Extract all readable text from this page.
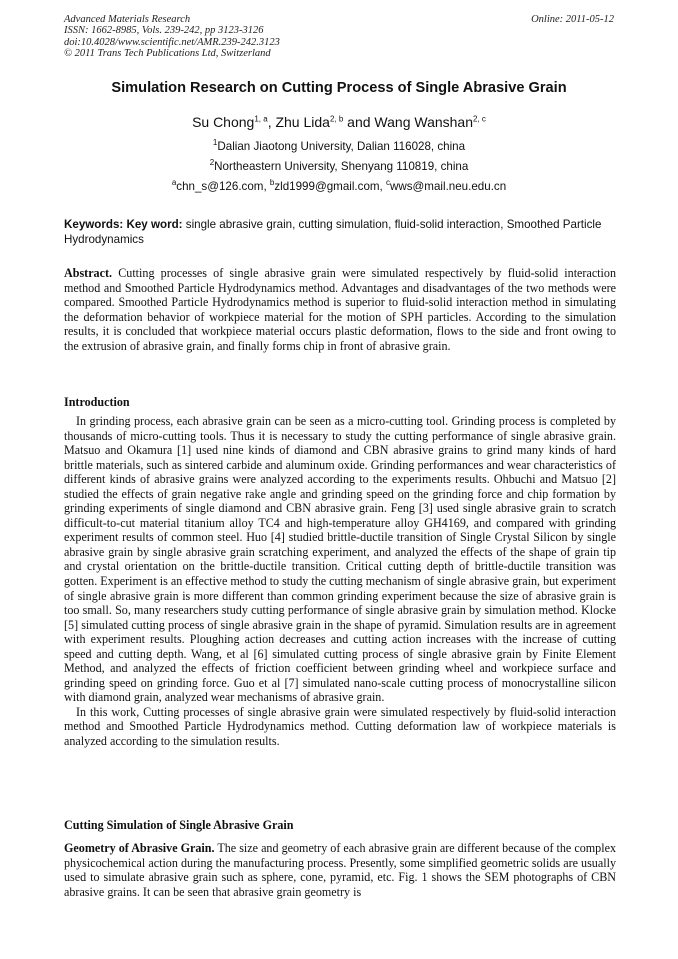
Advanced Materials Research
ISSN: 1662-8985, Vols. 239-242, pp 3123-3126
doi:10.4028/www.scientific.net/AMR.239-242.3123
© 2011 Trans Tech Publications Ltd, Switzerland
Online: 2011-05-12
Simulation Research on Cutting Process of Single Abrasive Grain
Su Chong$^{1, a}$, Zhu Lida$^{2, b}$ and Wang Wanshan$^{2, c}$
$^1$Dalian Jiaotong University, Dalian 116028, china
$^2$Northeastern University, Shenyang 110819, china
$^a$chn_s@126.com, $^b$zld1999@gmail.com, $^c$wws@mail.neu.edu.cn
Keywords: Key word: single abrasive grain, cutting simulation, fluid-solid interaction, Smoothed Particle Hydrodynamics
Abstract. Cutting processes of single abrasive grain were simulated respectively by fluid-solid interaction method and Smoothed Particle Hydrodynamics method. Advantages and disadvantages of the two methods were compared. Smoothed Particle Hydrodynamics method is superior to fluid-solid interaction method in simulating the deformation behavior of workpiece material for the motion of SPH particles. According to the simulation results, it is concluded that workpiece material occurs plastic deformation, flows to the side and front owing to the extrusion of abrasive grain, and finally forms chip in front of abrasive grain.
Introduction

In grinding process, each abrasive grain can be seen as a micro-cutting tool. Grinding process is completed by thousands of micro-cutting tools. Thus it is necessary to study the cutting performance of single abrasive grain. Matsuo and Okamura [1] used nine kinds of diamond and CBN abrasive grains to grind many kinds of hard brittle materials, such as sintered carbide and aluminum oxide. Grinding performances and wear characteristics of different kinds of abrasive grains were analyzed according to the experiments results. Ohbuchi and Matsuo [2] studied the effects of grain negative rake angle and grinding speed on the grinding force and chip formation by grinding experiments of single diamond and CBN abrasive grain. Feng [3] used single abrasive grain to scratch difficult-to-cut material titanium alloy TC4 and high-temperature alloy GH4169, and compared with grinding experiment results of common steel. Huo [4] studied brittle-ductile transition of Single Crystal Silicon by single abrasive grain by single abrasive grain scratching experiment, and analyzed the effects of the shape of grain tip and crystal orientation on the brittle-ductile transition. Critical cutting depth of brittle-ductile transition was gotten. Experiment is an effective method to study the cutting mechanism of single abrasive grain, but experiment of single abrasive grain is more different than common grinding experiment because the size of abrasive grain is too small. So, many researchers study cutting performance of single abrasive grain by simulation method. Klocke [5] simulated cutting process of single abrasive grain in the shape of pyramid. Simulation results are in agreement with experiment results. Ploughing action decreases and cutting action increases with the increase of cutting speed and cutting depth. Wang, et al [6] simulated cutting process of single abrasive grain by Finite Element Method, and analyzed the effects of friction coefficient between grinding wheel and workpiece surface and grinding speed on grinding force. Guo et al [7] simulated nano-scale cutting process of monocrystalline silicon with diamond grain, analyzed wear mechanisms of abrasive grain.

In this work, Cutting processes of single abrasive grain were simulated respectively by fluid-solid interaction method and Smoothed Particle Hydrodynamics method. Cutting deformation law of workpiece materials is analyzed according to the simulation results.

Cutting Simulation of Single Abrasive Grain

Geometry of Abrasive Grain. The size and geometry of each abrasive grain are different because of the complex physicochemical action during the manufacturing process. Presently, some simplified geometric solids are usually used to simulate abrasive grain such as sphere, cone, pyramid, etc. Fig. 1 shows the SEM photographs of CBN abrasive grains. It can be seen that abrasive grain geometry is
